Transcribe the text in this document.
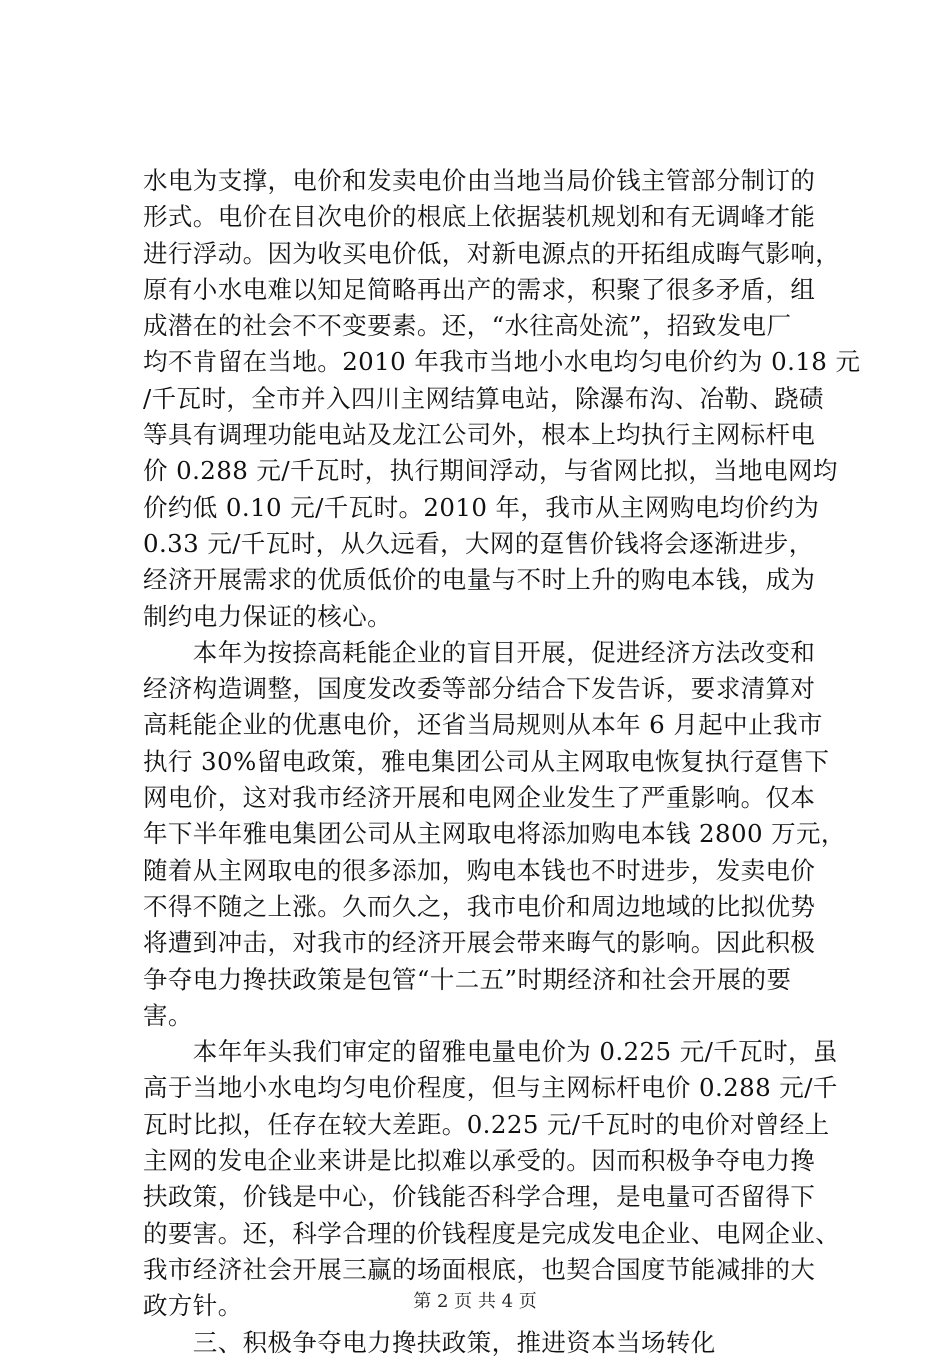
水电为支撑，电价和发卖电价由当地当局价钱主管部分制订的
形式。电价在目次电价的根底上依据装机规划和有无调峰才能
进行浮动。因为收买电价低，对新电源点的开拓组成晦气影响，
原有小水电难以知足简略再出产的需求，积聚了很多矛盾，组
成潜在的社会不不变要素。还，“水往高处流”，招致发电厂
均不肯留在当地。2010 年我市当地小水电均匀电价约为 0.18 元
/千瓦时，全市并入四川主网结算电站，除瀑布沟、冶勒、跷碛
等具有调理功能电站及龙江公司外，根本上均执行主网标杆电
价 0.288 元/千瓦时，执行期间浮动，与省网比拟，当地电网均
价约低 0.10 元/千瓦时。2010 年，我市从主网购电均价约为
0.33 元/千瓦时，从久远看，大网的趸售价钱将会逐渐进步，
经济开展需求的优质低价的电量与不时上升的购电本钱，成为
制约电力保证的核心。
　　本年为按捺高耗能企业的盲目开展，促进经济方法改变和
经济构造调整，国度发改委等部分结合下发告诉，要求清算对
高耗能企业的优惠电价，还省当局规则从本年 6 月起中止我市
执行 30%留电政策，雅电集团公司从主网取电恢复执行趸售下
网电价，这对我市经济开展和电网企业发生了严重影响。仅本
年下半年雅电集团公司从主网取电将添加购电本钱 2800 万元，
随着从主网取电的很多添加，购电本钱也不时进步，发卖电价
不得不随之上涨。久而久之，我市电价和周边地域的比拟优势
将遭到冲击，对我市的经济开展会带来晦气的影响。因此积极
争夺电力搀扶政策是包管“十二五”时期经济和社会开展的要
害。
　　本年年头我们审定的留雅电量电价为 0.225 元/千瓦时，虽
高于当地小水电均匀电价程度，但与主网标杆电价 0.288 元/千
瓦时比拟，任存在较大差距。0.225 元/千瓦时的电价对曾经上
主网的发电企业来讲是比拟难以承受的。因而积极争夺电力搀
扶政策，价钱是中心，价钱能否科学合理，是电量可否留得下
的要害。还，科学合理的价钱程度是完成发电企业、电网企业、
我市经济社会开展三赢的场面根底，也契合国度节能减排的大
政方针。
　　三、积极争夺电力搀扶政策，推进资本当场转化
第 2 页 共 4 页
